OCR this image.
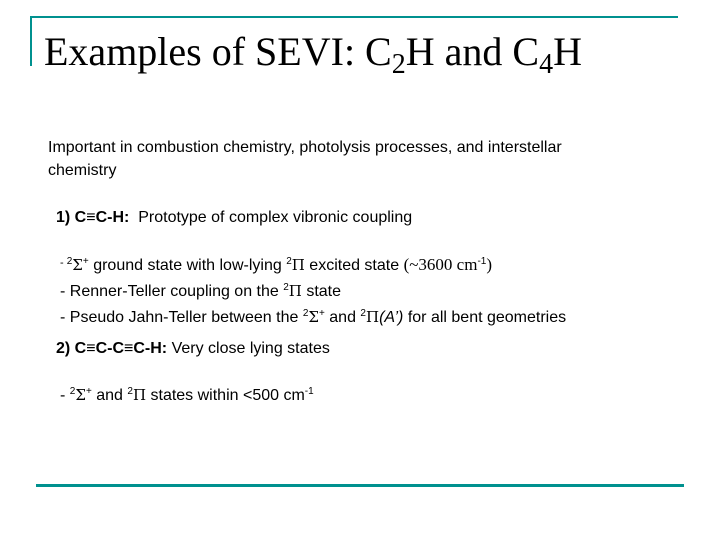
Examples of SEVI: $C_2H$ and $C_4H$
Important in combustion chemistry, photolysis processes, and interstellar
chemistry
1) C≡C-H: Prototype of complex vibronic coupling
- $^2$Σ+ ground state with low-lying $^2$Π excited state (~3600 $cm^{-1}$)
- Renner-Teller coupling on the $^2$Π state
- Pseudo Jahn-Teller between the $^2$Σ+ and $^2$Π(A’) for all bent geometries
2) C≡C-C≡C-H: Very close lying states
- $^2$Σ+ and $^2$Π states within <500 $cm^{-1}$
